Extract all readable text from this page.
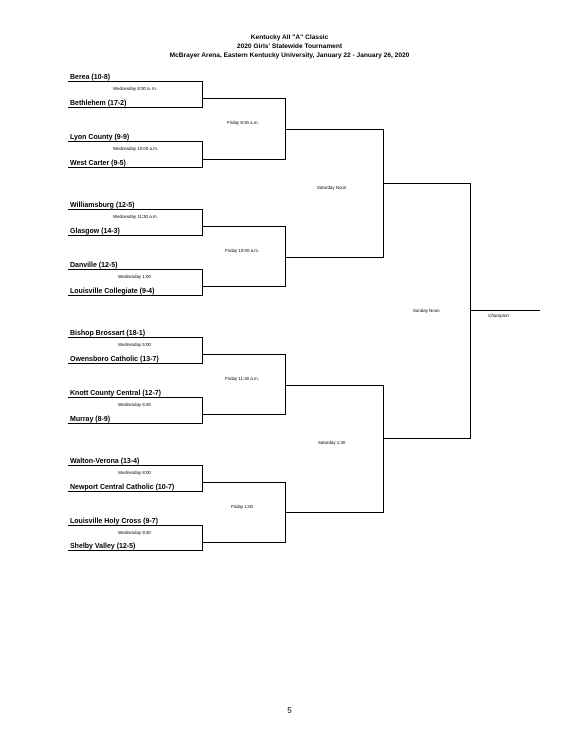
Kentucky All "A" Classic
2020 Girls' Statewide Tournament
McBrayer Arena, Eastern Kentucky University, January 22 - January 26, 2020
Berea (10-8)
Bethlehem (17-2)
Lyon County (9-9)
West Carter (9-5)
Williamsburg (12-5)
Glasgow (14-3)
Danville (12-5)
Louisville Collegiate (9-4)
Bishop Brossart (18-1)
Owensboro Catholic (13-7)
Knott County Central (12-7)
Murray (8-9)
Walton-Verona (13-4)
Newport Central Catholic (10-7)
Louisville Holy Cross (9-7)
Shelby Valley (12-5)
Wednesday 8:30 a. m.
Wednesday 10:00 a.m.
Wednesday 11:30 a.m.
Wednesday 1:00
Wednesday 5:00
Wednesday 6:30
Wednesday 8:00
Wednesday 9:30
Friday 8:30 a.m.
Friday 10:00 a.m.
Friday 11:30 a.m.
Friday 1:00
Saturday Noon
Saturday 1:30
Sunday Noon
Champion
5
